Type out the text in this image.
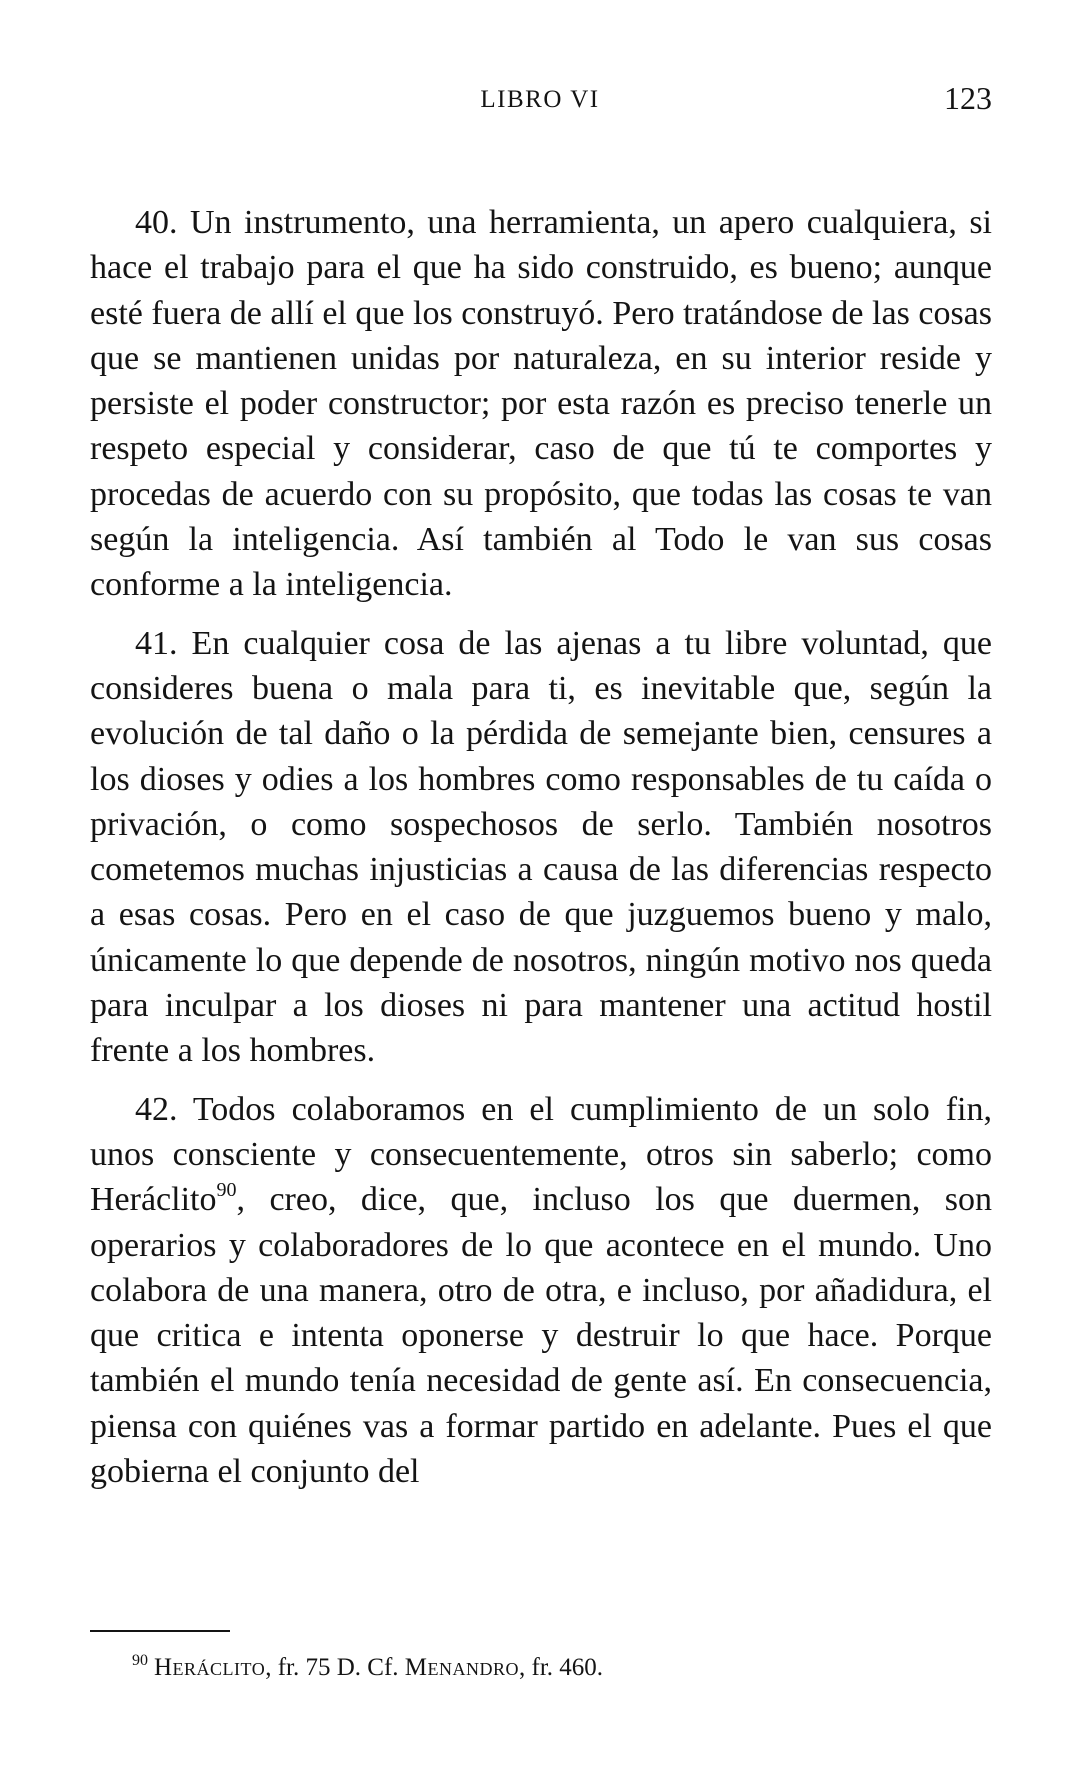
LIBRO VI	123

40. Un instrumento, una herramienta, un apero cualquiera, si hace el trabajo para el que ha sido construido, es bueno; aunque esté fuera de allí el que los construyó. Pero tratándose de las cosas que se mantienen unidas por naturaleza, en su interior reside y persiste el poder constructor; por esta razón es preciso tenerle un respeto especial y considerar, caso de que tú te comportes y procedas de acuerdo con su propósito, que todas las cosas te van según la inteligencia. Así también al Todo le van sus cosas conforme a la inteligencia.

41. En cualquier cosa de las ajenas a tu libre voluntad, que consideres buena o mala para ti, es inevitable que, según la evolución de tal daño o la pérdida de semejante bien, censures a los dioses y odies a los hombres como responsables de tu caída o privación, o como sospechosos de serlo. También nosotros cometemos muchas injusticias a causa de las diferencias respecto a esas cosas. Pero en el caso de que juzguemos bueno y malo, únicamente lo que depende de nosotros, ningún motivo nos queda para inculpar a los dioses ni para mantener una actitud hostil frente a los hombres.

42. Todos colaboramos en el cumplimiento de un solo fin, unos consciente y consecuentemente, otros sin saberlo; como Heráclito$^{90}$, creo, dice, que, incluso los que duermen, son operarios y colaboradores de lo que acontece en el mundo. Uno colabora de una manera, otro de otra, e incluso, por añadidura, el que critica e intenta oponerse y destruir lo que hace. Porque también el mundo tenía necesidad de gente así. En consecuencia, piensa con quiénes vas a formar partido en adelante. Pues el que gobierna el conjunto del

$^{90}$ Heráclito, fr. 75 D. Cf. Menandro, fr. 460.
